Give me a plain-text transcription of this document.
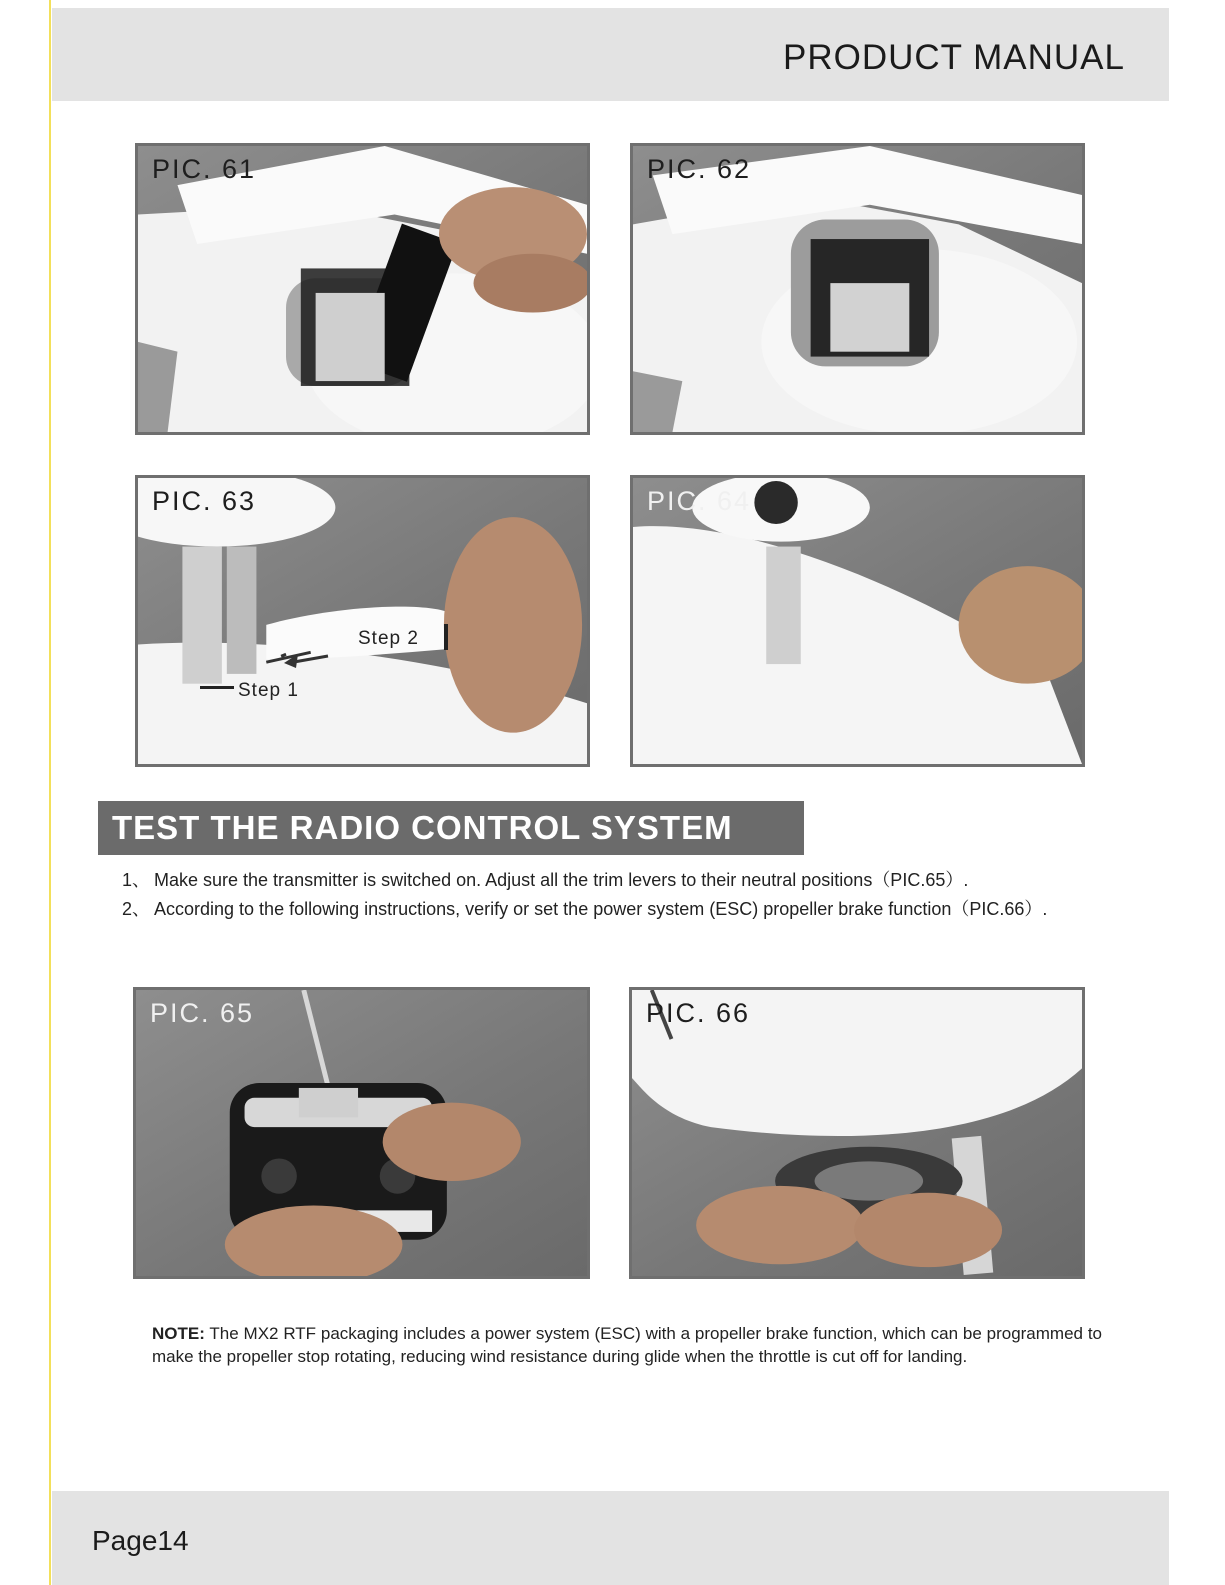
PRODUCT MANUAL
PIC. 61	PIC. 62
PIC. 63
Step 2
Step 1
PIC. 64
TEST THE RADIO CONTROL SYSTEM
1、 Make sure the transmitter is switched on. Adjust all the trim levers to their neutral positions（PIC.65）.
2、 According to the following instructions, verify or set the power system (ESC) propeller brake function（PIC.66）.
PIC. 65	PIC. 66
NOTE: The MX2 RTF packaging includes a power system (ESC) with a propeller brake function, which can be programmed to make the propeller stop rotating, reducing wind resistance during glide when the throttle is cut off for landing.
Page14
